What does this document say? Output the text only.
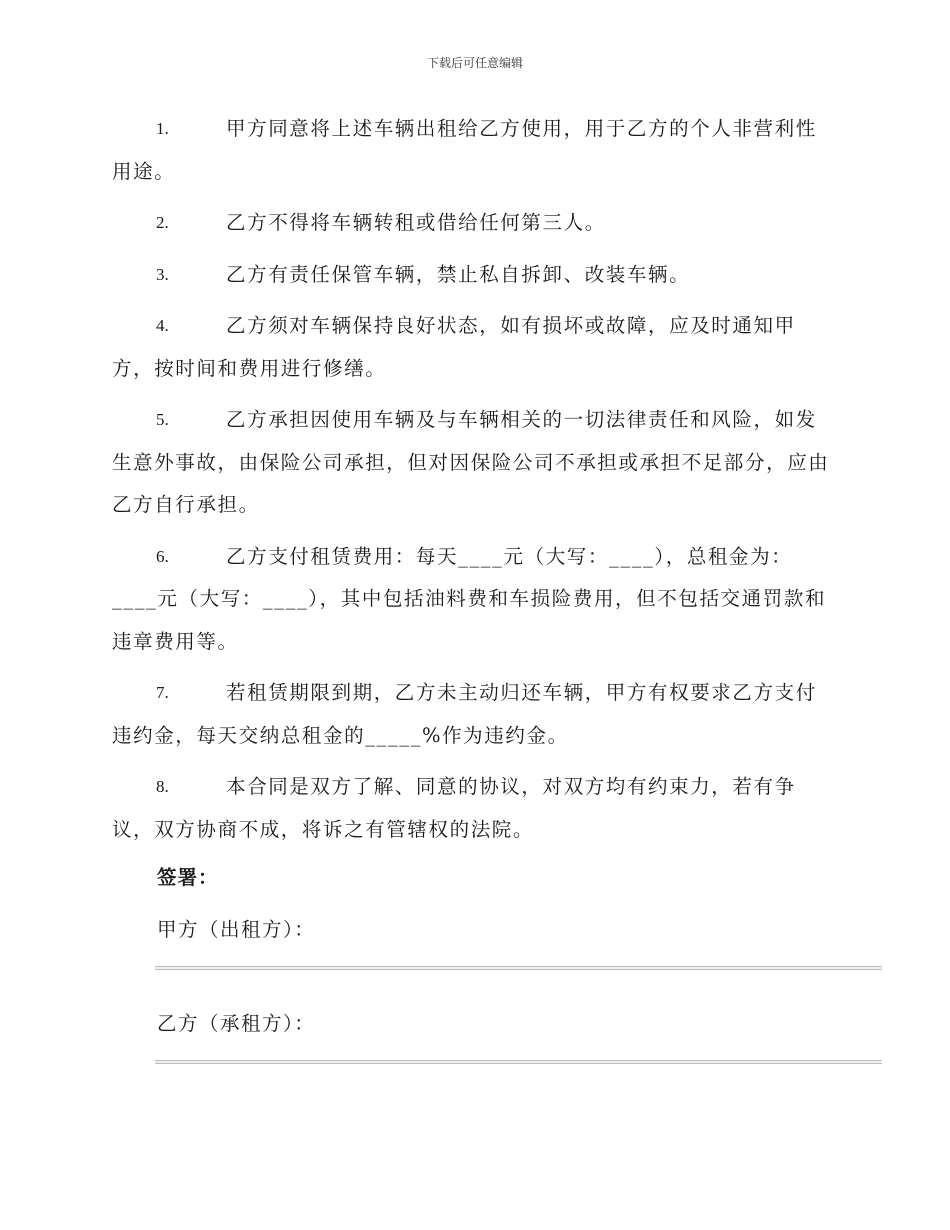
下载后可任意编辑
1.	甲方同意将上述车辆出租给乙方使用，用于乙方的个人非营利性用途。
2.	乙方不得将车辆转租或借给任何第三人。
3.	乙方有责任保管车辆，禁止私自拆卸、改装车辆。
4.	乙方须对车辆保持良好状态，如有损坏或故障，应及时通知甲方，按时间和费用进行修缮。
5.	乙方承担因使用车辆及与车辆相关的一切法律责任和风险，如发生意外事故，由保险公司承担，但对因保险公司不承担或承担不足部分，应由乙方自行承担。
6.	乙方支付租赁费用：每天____元（大写：____），总租金为：____元（大写：____），其中包括油料费和车损险费用，但不包括交通罚款和违章费用等。
7.	若租赁期限到期，乙方未主动归还车辆，甲方有权要求乙方支付违约金，每天交纳总租金的_____%作为违约金。
8.	本合同是双方了解、同意的协议，对双方均有约束力，若有争议，双方协商不成，将诉之有管辖权的法院。
签署：
甲方（出租方）：
乙方（承租方）：
